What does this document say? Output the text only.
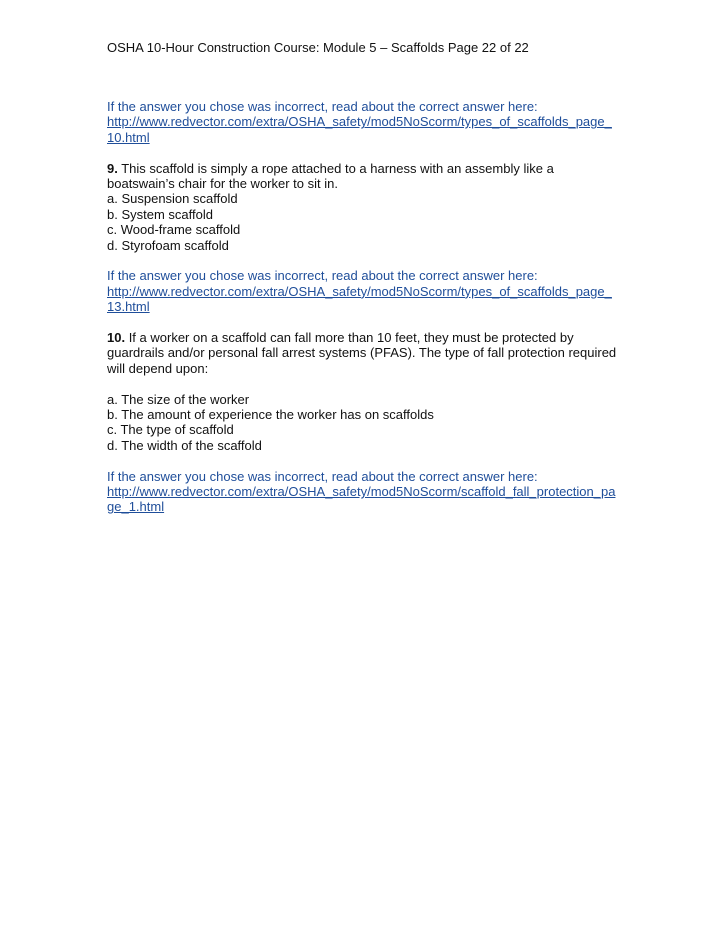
OSHA 10-Hour Construction Course: Module 5 – Scaffolds Page 22 of 22
If the answer you chose was incorrect, read about the correct answer here:
http://www.redvector.com/extra/OSHA_safety/mod5NoScorm/types_of_scaffolds_page_
10.html
9. This scaffold is simply a rope attached to a harness with an assembly like a
boatswain’s chair for the worker to sit in.
a. Suspension scaffold
b. System scaffold
c. Wood-frame scaffold
d. Styrofoam scaffold
If the answer you chose was incorrect, read about the correct answer here:
http://www.redvector.com/extra/OSHA_safety/mod5NoScorm/types_of_scaffolds_page_
13.html
10. If a worker on a scaffold can fall more than 10 feet, they must be protected by
guardrails and/or personal fall arrest systems (PFAS). The type of fall protection required
will depend upon:
a. The size of the worker
b. The amount of experience the worker has on scaffolds
c. The type of scaffold
d. The width of the scaffold
If the answer you chose was incorrect, read about the correct answer here:
http://www.redvector.com/extra/OSHA_safety/mod5NoScorm/scaffold_fall_protection_pa
ge_1.html
